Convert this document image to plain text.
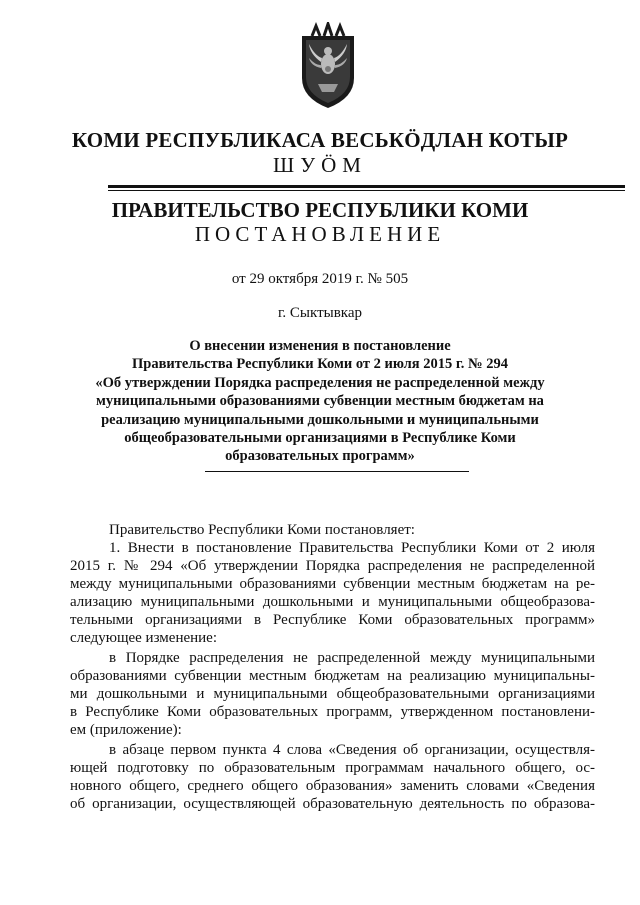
КОМИ РЕСПУБЛИКАСА ВЕСЬКӦДЛАН КОТЫР
ШУӦМ
ПРАВИТЕЛЬСТВО РЕСПУБЛИКИ КОМИ
ПОСТАНОВЛЕНИЕ
от 29 октября 2019 г. № 505
г. Сыктывкар
О внесении изменения в постановление
Правительства Республики Коми от 2 июля 2015 г. № 294
«Об утверждении Порядка распределения не распределенной между
муниципальными образованиями субвенции местным бюджетам на
реализацию муниципальными дошкольными и муниципальными
общеобразовательными организациями в Республике Коми
образовательных программ»
Правительство Республики Коми постановляет:
1. Внести в постановление Правительства Республики Коми от 2 июля
2015 г. № 294 «Об утверждении Порядка распределения не распределенной
между муниципальными образованиями субвенции местным бюджетам на ре-
ализацию муниципальными дошкольными и муниципальными общеобразова-
тельными организациями в Республике Коми образовательных программ»
следующее изменение:
в Порядке распределения не распределенной между муниципальными
образованиями субвенции местным бюджетам на реализацию муниципальны-
ми дошкольными и муниципальными общеобразовательными организациями
в Республике Коми образовательных программ, утвержденном постановлени-
ем (приложение):
в абзаце первом пункта 4 слова «Сведения об организации, осуществля-
ющей подготовку по образовательным программам начального общего, ос-
новного общего, среднего общего образования» заменить словами «Сведения
об организации, осуществляющей образовательную деятельность по образова-
